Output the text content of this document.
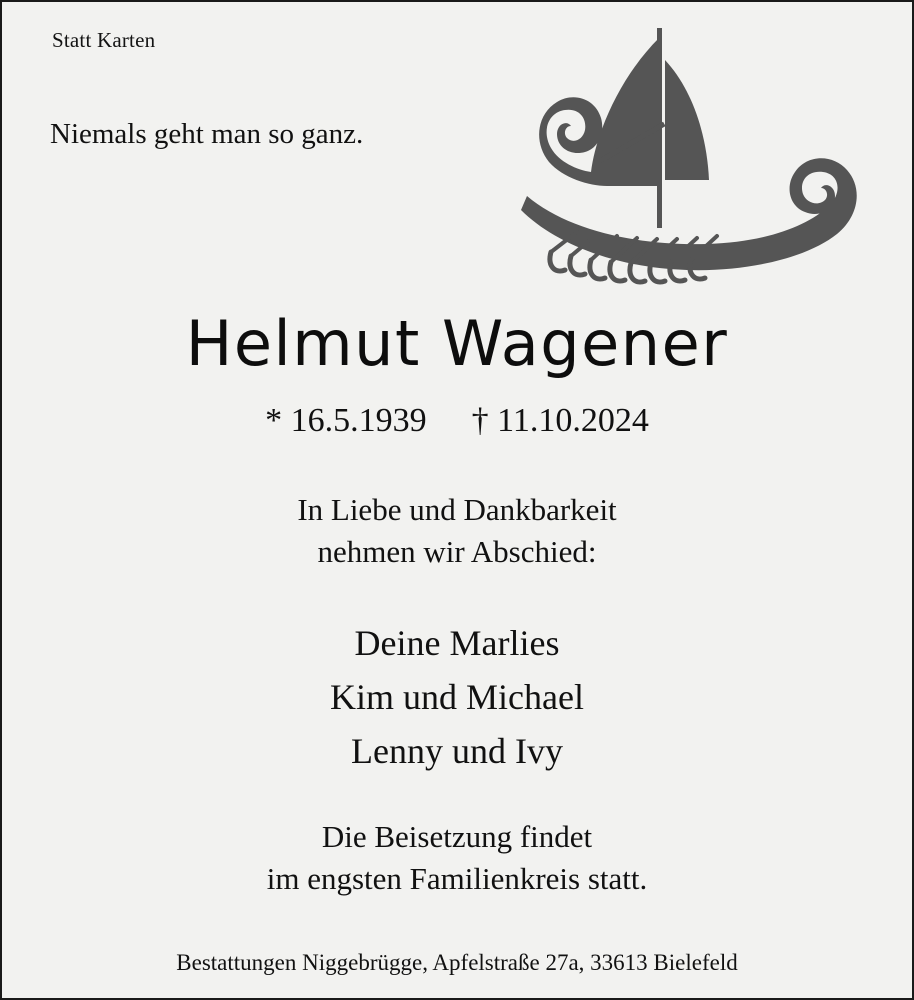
Statt Karten
Niemals geht man so ganz.
Helmut Wagener
* 16.5.1939 † 11.10.2024
In Liebe und Dankbarkeit
nehmen wir Abschied:
Deine Marlies
Kim und Michael
Lenny und Ivy
Die Beisetzung findet
im engsten Familienkreis statt.
Bestattungen Niggebrügge, Apfelstraße 27a, 33613 Bielefeld
